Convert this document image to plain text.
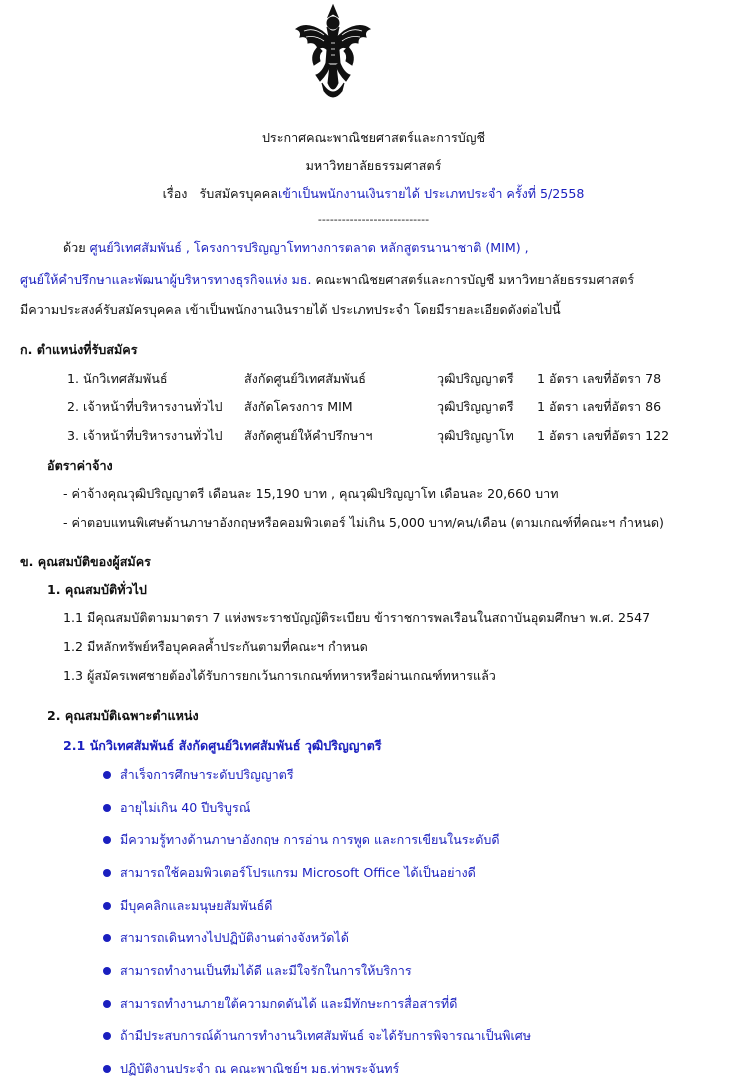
ประกาศคณะพาณิชยศาสตร์และการบัญชี
มหาวิทยาลัยธรรมศาสตร์
เรื่อง รับสมัครบุคคลเข้าเป็นพนักงานเงินรายได้ ประเภทประจำ ครั้งที่ 5/2558
----------------------------
ด้วย ศูนย์วิเทศสัมพันธ์ , โครงการปริญญาโททางการตลาด หลักสูตรนานาชาติ (MIM) ,
ศูนย์ให้คำปรึกษาและพัฒนาผู้บริหารทางธุรกิจแห่ง มธ. คณะพาณิชยศาสตร์และการบัญชี มหาวิทยาลัยธรรมศาสตร์
มีความประสงค์รับสมัครบุคคล เข้าเป็นพนักงานเงินรายได้ ประเภทประจำ โดยมีรายละเอียดดังต่อไปนี้
ก. ตำแหน่งที่รับสมัคร
1. นักวิเทศสัมพันธ์	สังกัดศูนย์วิเทศสัมพันธ์	วุฒิปริญญาตรี 1 อัตรา เลขที่อัตรา 78
2. เจ้าหน้าที่บริหารงานทั่วไป สังกัดโครงการ MIM	วุฒิปริญญาตรี 1 อัตรา เลขที่อัตรา 86
3. เจ้าหน้าที่บริหารงานทั่วไป สังกัดศูนย์ให้คำปรึกษาฯ	วุฒิปริญญาโท 1 อัตรา เลขที่อัตรา 122
อัตราค่าจ้าง
- ค่าจ้างคุณวุฒิปริญญาตรี เดือนละ 15,190 บาท , คุณวุฒิปริญญาโท เดือนละ 20,660 บาท
- ค่าตอบแทนพิเศษด้านภาษาอังกฤษหรือคอมพิวเตอร์ ไม่เกิน 5,000 บาท/คน/เดือน (ตามเกณฑ์ที่คณะฯ กำหนด)
ข. คุณสมบัติของผู้สมัคร
1. คุณสมบัติทั่วไป
1.1 มีคุณสมบัติตามมาตรา 7 แห่งพระราชบัญญัติระเบียบ ข้าราชการพลเรือนในสถาบันอุดมศึกษา พ.ศ. 2547
1.2 มีหลักทรัพย์หรือบุคคลค้ำประกันตามที่คณะฯ กำหนด
1.3 ผู้สมัครเพศชายต้องได้รับการยกเว้นการเกณฑ์ทหารหรือผ่านเกณฑ์ทหารแล้ว
2. คุณสมบัติเฉพาะตำแหน่ง
2.1 นักวิเทศสัมพันธ์ สังกัดศูนย์วิเทศสัมพันธ์ วุฒิปริญญาตรี
สำเร็จการศึกษาระดับปริญญาตรี
อายุไม่เกิน 40 ปีบริบูรณ์
มีความรู้ทางด้านภาษาอังกฤษ การอ่าน การพูด และการเขียนในระดับดี
สามารถใช้คอมพิวเตอร์โปรแกรม Microsoft Office ได้เป็นอย่างดี
มีบุคคลิกและมนุษยสัมพันธ์ดี
สามารถเดินทางไปปฏิบัติงานต่างจังหวัดได้
สามารถทำงานเป็นทีมได้ดี และมีใจรักในการให้บริการ
สามารถทำงานภายใต้ความกดดันได้ และมีทักษะการสื่อสารที่ดี
ถ้ามีประสบการณ์ด้านการทำงานวิเทศสัมพันธ์ จะได้รับการพิจารณาเป็นพิเศษ
ปฏิบัติงานประจำ ณ คณะพาณิชย์ฯ มธ.ท่าพระจันทร์
